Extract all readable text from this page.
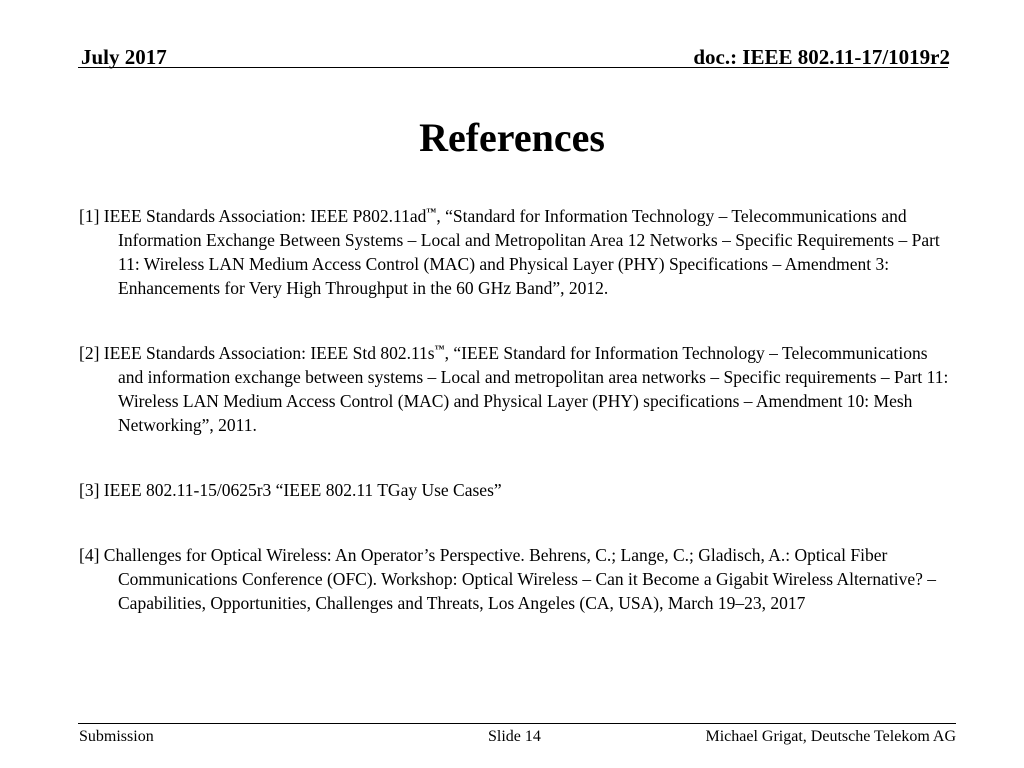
July 2017	doc.: IEEE 802.11-17/1019r2
References

[1] IEEE Standards Association: IEEE P802.11ad™, “Standard for Information Technology – Telecommunications and Information Exchange Between Systems – Local and Metropolitan Area 12 Networks – Specific Requirements – Part 11: Wireless LAN Medium Access Control (MAC) and Physical Layer (PHY) Specifications – Amendment 3: Enhancements for Very High Throughput in the 60 GHz Band”, 2012.

[2] IEEE Standards Association: IEEE Std 802.11s™, “IEEE Standard for Information Technology – Telecommunications and information exchange between systems – Local and metropolitan area networks – Specific requirements – Part 11: Wireless LAN Medium Access Control (MAC) and Physical Layer (PHY) specifications – Amendment 10: Mesh Networking”, 2011.

[3] IEEE 802.11-15/0625r3 “IEEE 802.11 TGay Use Cases”

[4] Challenges for Optical Wireless: An Operator’s Perspective. Behrens, C.; Lange, C.; Gladisch, A.: Optical Fiber Communications Conference (OFC). Workshop: Optical Wireless – Can it Become a Gigabit Wireless Alternative? – Capabilities, Opportunities, Challenges and Threats, Los Angeles (CA, USA), March 19–23, 2017

Submission	Slide 14	Michael Grigat, Deutsche Telekom AG
